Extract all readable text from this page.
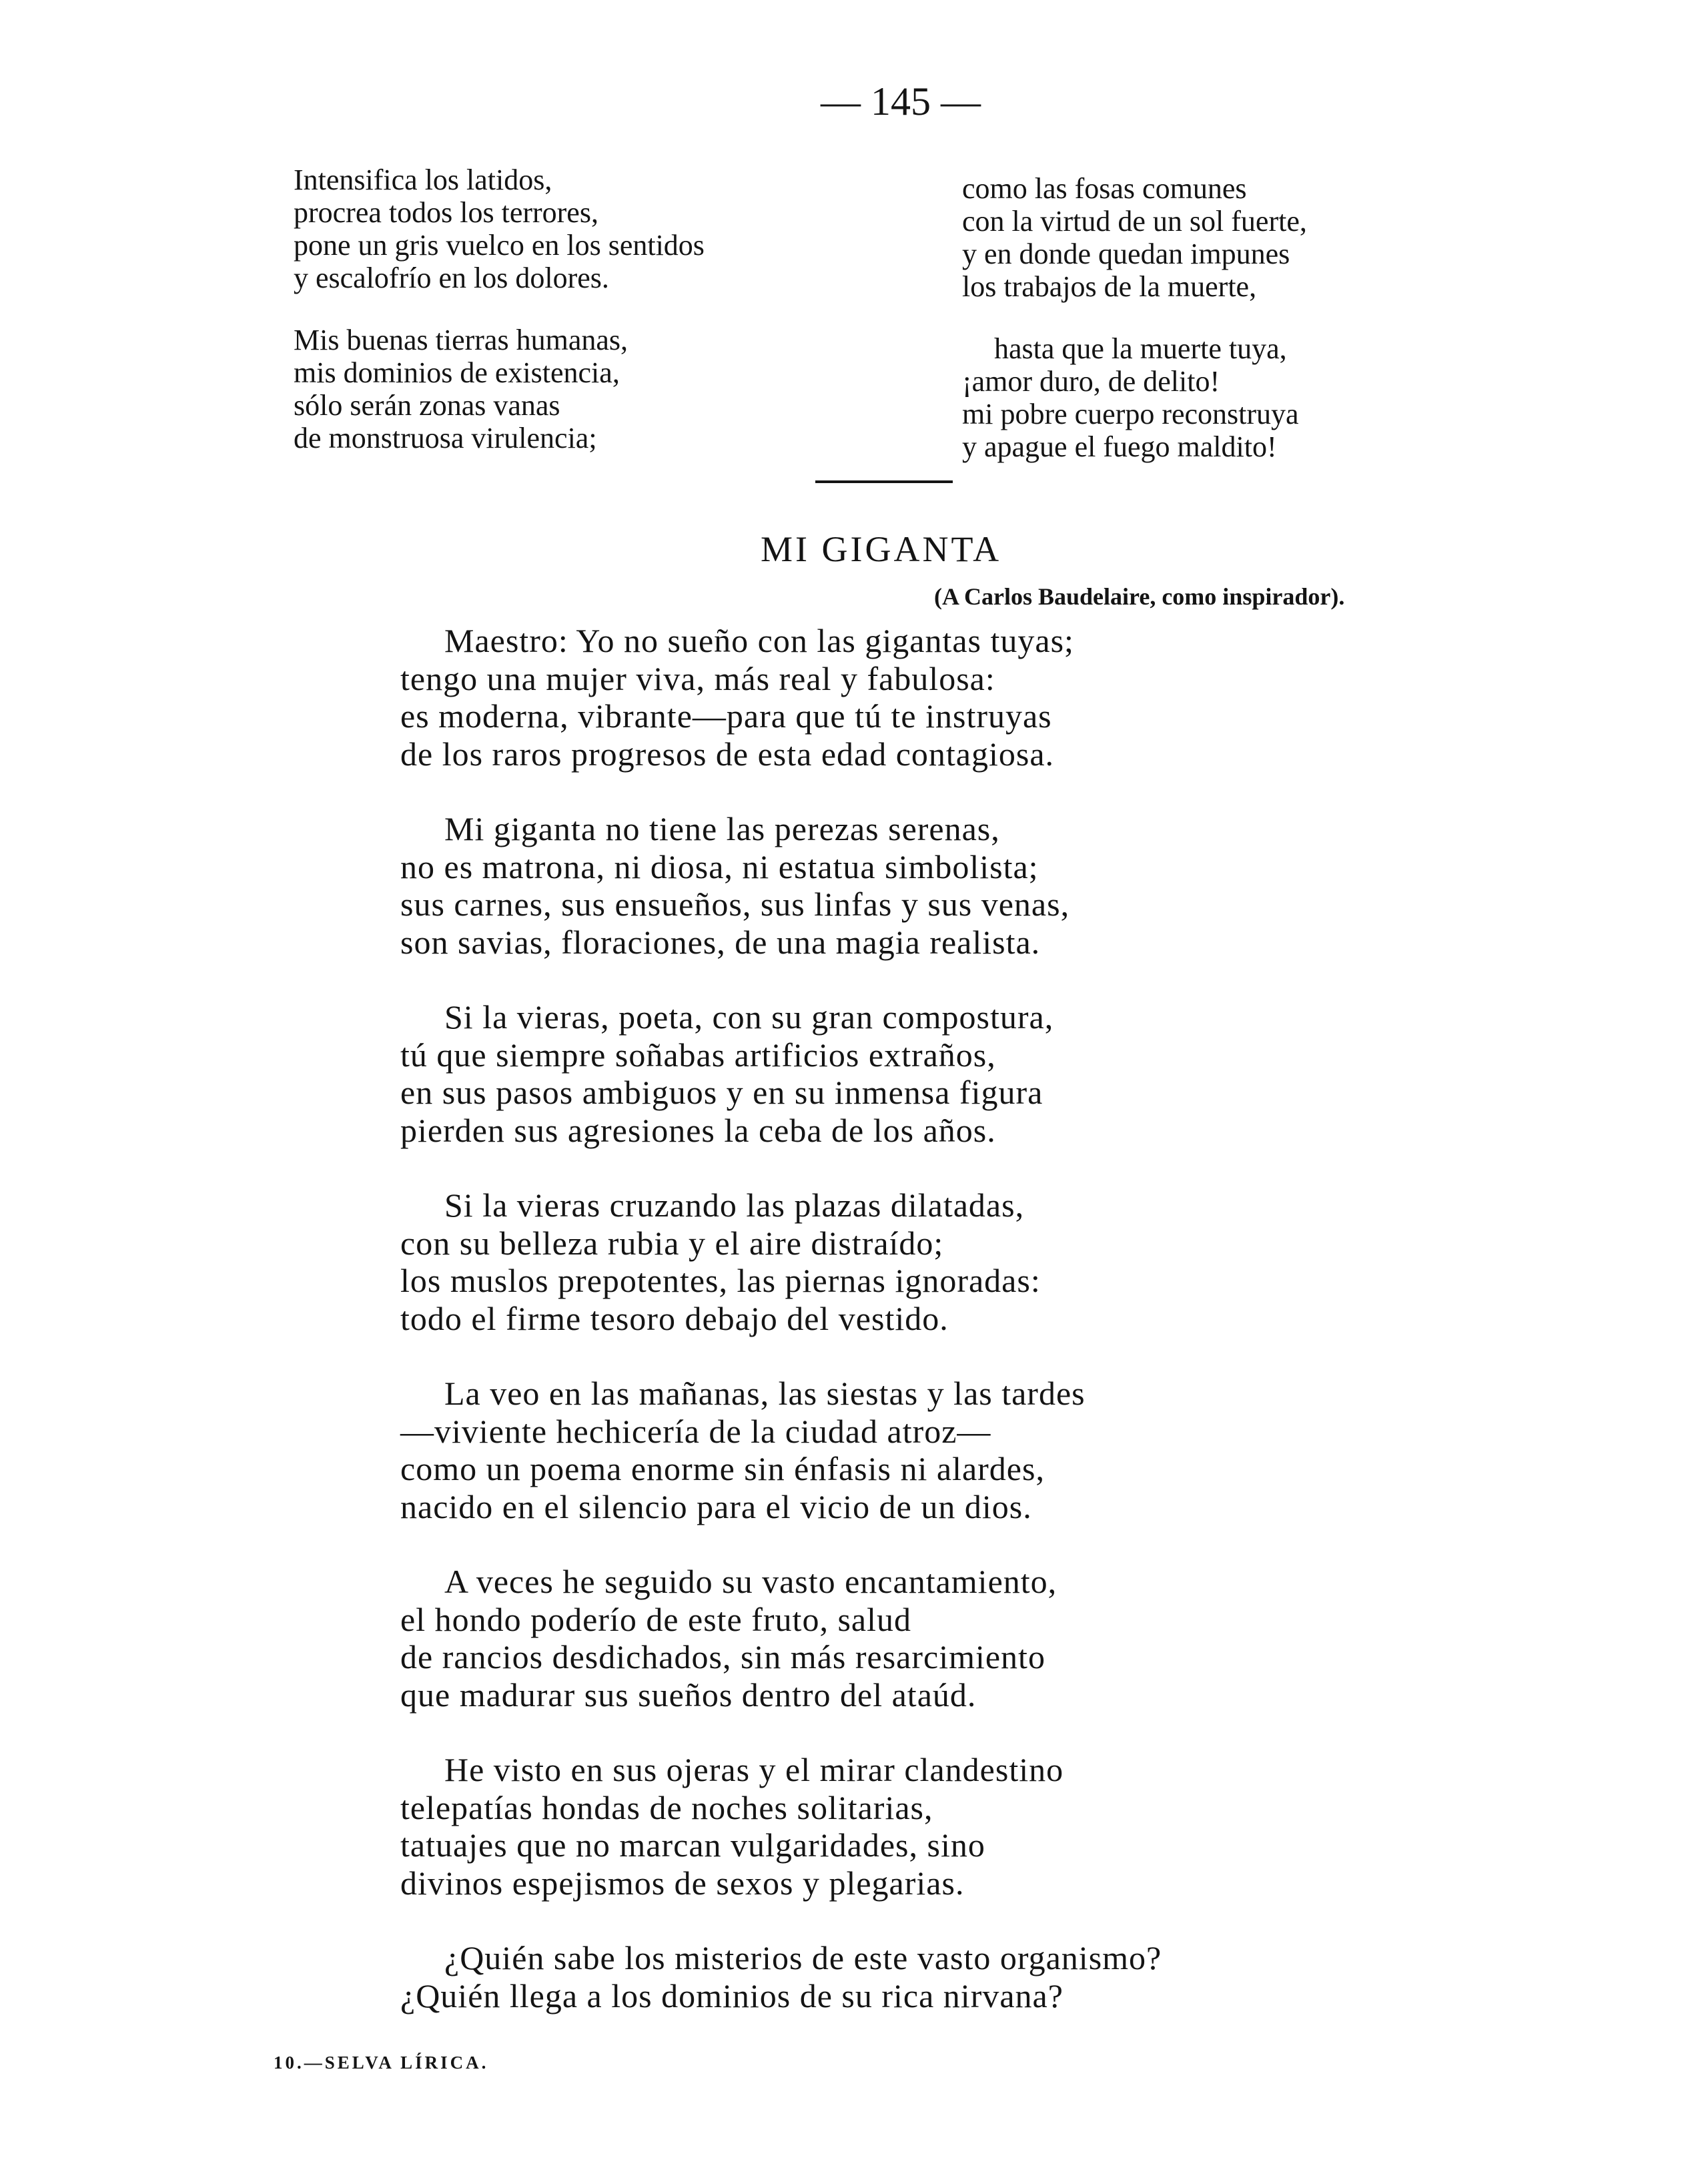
— 145 —
Intensifica los latidos,
procrea todos los terrores,
pone un gris vuelco en los sentidos
y escalofrío en los dolores.
Mis buenas tierras humanas,
mis dominios de existencia,
sólo serán zonas vanas
de monstruosa virulencia;
como las fosas comunes
con la virtud de un sol fuerte,
y en donde quedan impunes
los trabajos de la muerte,
hasta que la muerte tuya,
¡amor duro, de delito!
mi pobre cuerpo reconstruya
y apague el fuego maldito!
MI GIGANTA
(A Carlos Baudelaire, como inspirador).
Maestro: Yo no sueño con las gigantas tuyas;
tengo una mujer viva, más real y fabulosa:
es moderna, vibrante—para que tú te instruyas
de los raros progresos de esta edad contagiosa.
Mi giganta no tiene las perezas serenas,
no es matrona, ni diosa, ni estatua simbolista;
sus carnes, sus ensueños, sus linfas y sus venas,
son savias, floraciones, de una magia realista.
Si la vieras, poeta, con su gran compostura,
tú que siempre soñabas artificios extraños,
en sus pasos ambiguos y en su inmensa figura
pierden sus agresiones la ceba de los años.
Si la vieras cruzando las plazas dilatadas,
con su belleza rubia y el aire distraído;
los muslos prepotentes, las piernas ignoradas:
todo el firme tesoro debajo del vestido.
La veo en las mañanas, las siestas y las tardes
—viviente hechicería de la ciudad atroz—
como un poema enorme sin énfasis ni alardes,
nacido en el silencio para el vicio de un dios.
A veces he seguido su vasto encantamiento,
el hondo poderío de este fruto, salud
de rancios desdichados, sin más resarcimiento
que madurar sus sueños dentro del ataúd.
He visto en sus ojeras y el mirar clandestino
telepatías hondas de noches solitarias,
tatuajes que no marcan vulgaridades, sino
divinos espejismos de sexos y plegarias.
¿Quién sabe los misterios de este vasto organismo?
¿Quién llega a los dominios de su rica nirvana?
10.—SELVA LÍRICA.
